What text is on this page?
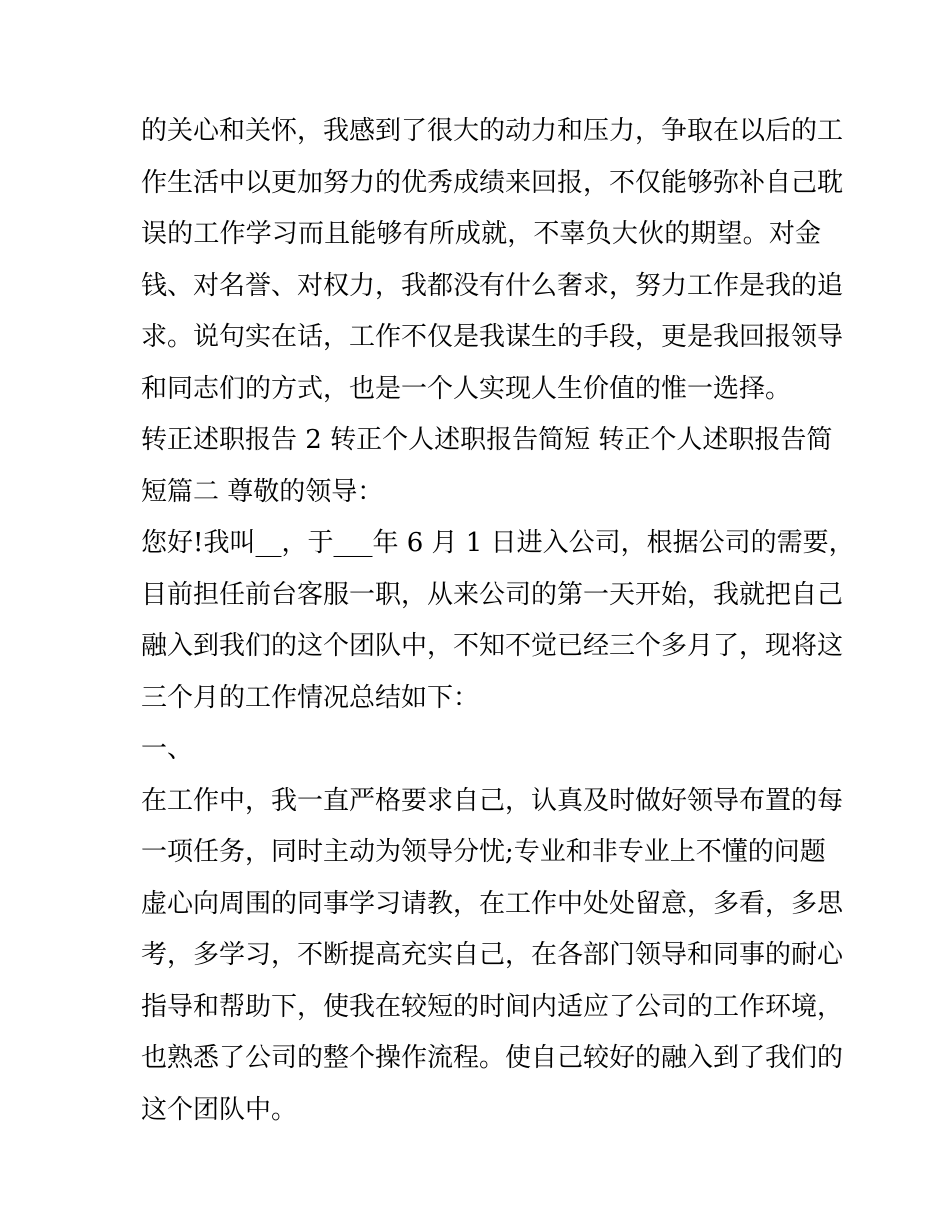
的关心和关怀，我感到了很大的动力和压力，争取在以后的工
作生活中以更加努力的优秀成绩来回报，不仅能够弥补自己耽
误的工作学习而且能够有所成就，不辜负大伙的期望。对金
钱、对名誉、对权力，我都没有什么奢求，努力工作是我的追
求。说句实在话，工作不仅是我谋生的手段，更是我回报领导
和同志们的方式，也是一个人实现人生价值的惟一选择。
转正述职报告 2 转正个人述职报告简短 转正个人述职报告简
短篇二 尊敬的领导：
您好!我叫__，于___年 6 月 1 日进入公司，根据公司的需要，
目前担任前台客服一职，从来公司的第一天开始，我就把自己
融入到我们的这个团队中，不知不觉已经三个多月了，现将这
三个月的工作情况总结如下：
一、
在工作中，我一直严格要求自己，认真及时做好领导布置的每
一项任务，同时主动为领导分忧;专业和非专业上不懂的问题
虚心向周围的同事学习请教，在工作中处处留意，多看，多思
考，多学习，不断提高充实自己，在各部门领导和同事的耐心
指导和帮助下，使我在较短的时间内适应了公司的工作环境，
也熟悉了公司的整个操作流程。使自己较好的融入到了我们的
这个团队中。
